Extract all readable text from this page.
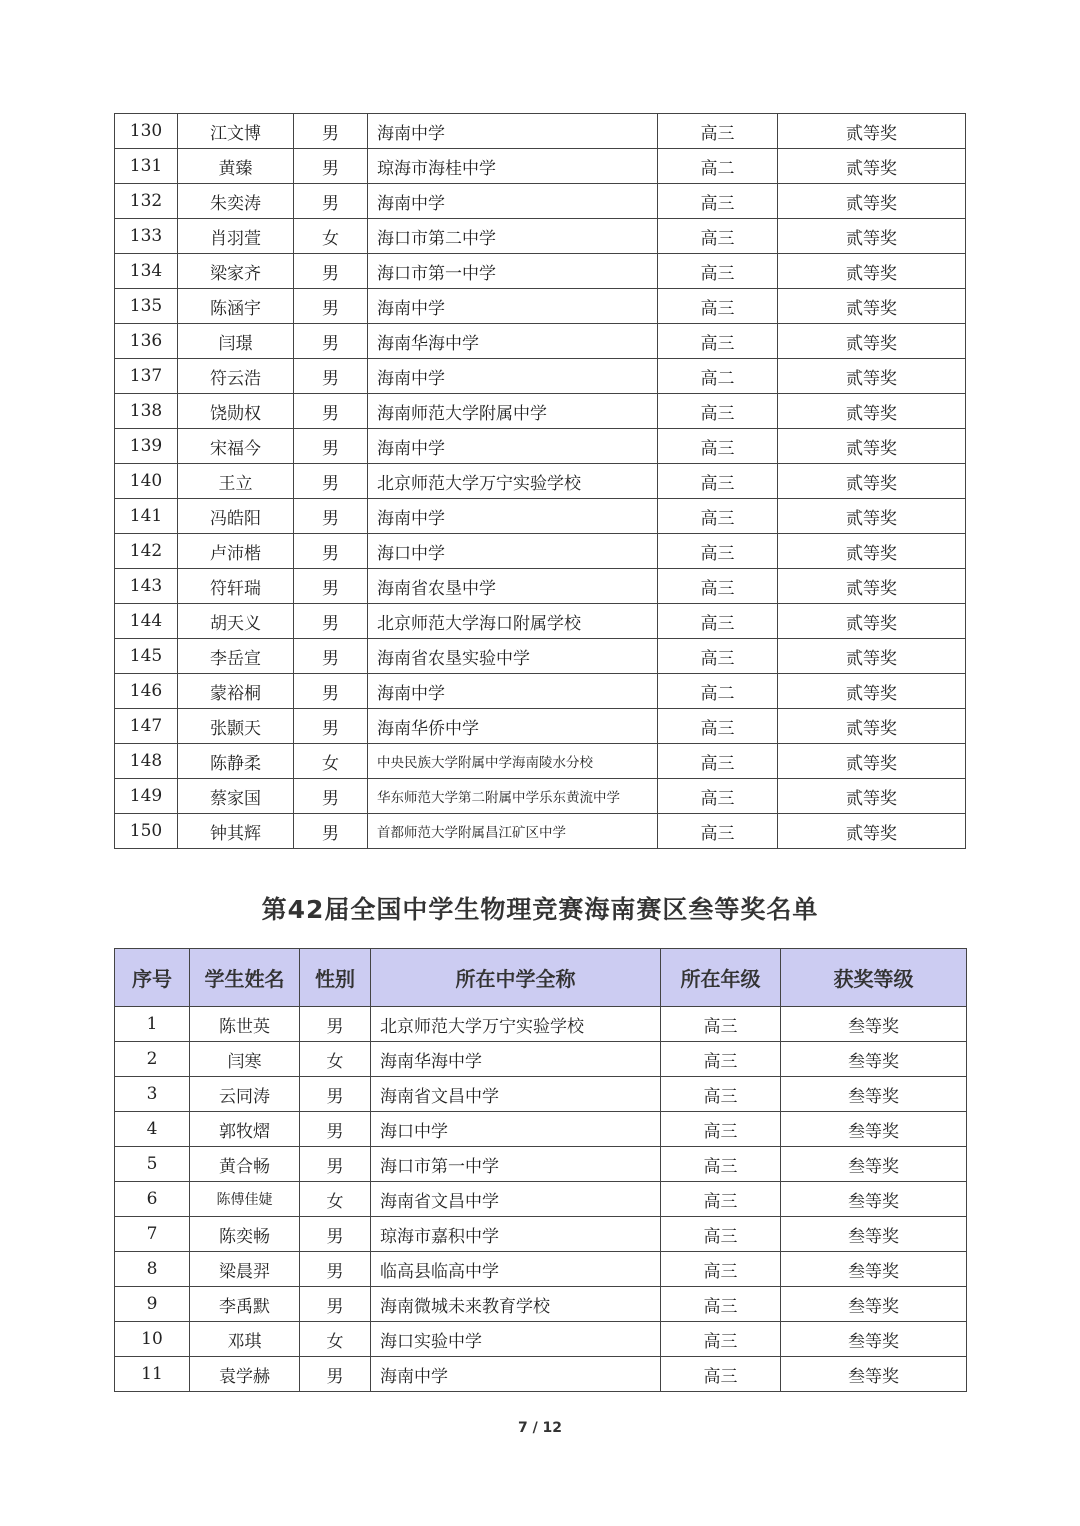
130	江文博	男	海南中学	高三	贰等奖
131	黄臻	男	琼海市海桂中学	高二	贰等奖
132	朱奕涛	男	海南中学	高三	贰等奖
133	肖羽萱	女	海口市第二中学	高三	贰等奖
134	梁家齐	男	海口市第一中学	高三	贰等奖
135	陈涵宇	男	海南中学	高三	贰等奖
136	闫璟	男	海南华海中学	高三	贰等奖
137	符云浩	男	海南中学	高二	贰等奖
138	饶勋权	男	海南师范大学附属中学	高三	贰等奖
139	宋福今	男	海南中学	高三	贰等奖
140	王立	男	北京师范大学万宁实验学校	高三	贰等奖
141	冯皓阳	男	海南中学	高三	贰等奖
142	卢沛楷	男	海口中学	高三	贰等奖
143	符轩瑞	男	海南省农垦中学	高三	贰等奖
144	胡天义	男	北京师范大学海口附属学校	高三	贰等奖
145	李岳宣	男	海南省农垦实验中学	高三	贰等奖
146	蒙裕桐	男	海南中学	高二	贰等奖
147	张颢天	男	海南华侨中学	高三	贰等奖
148	陈静柔	女	中央民族大学附属中学海南陵水分校	高三	贰等奖
149	蔡家国	男	华东师范大学第二附属中学乐东黄流中学	高三	贰等奖
150	钟其辉	男	首都师范大学附属昌江矿区中学	高三	贰等奖
第42届全国中学生物理竞赛海南赛区叁等奖名单
序号	学生姓名	性别	所在中学全称	所在年级	获奖等级
1	陈世英	男	北京师范大学万宁实验学校	高三	叁等奖
2	闫寒	女	海南华海中学	高三	叁等奖
3	云同涛	男	海南省文昌中学	高三	叁等奖
4	郭牧熠	男	海口中学	高三	叁等奖
5	黄合畅	男	海口市第一中学	高三	叁等奖
6	陈傅佳婕	女	海南省文昌中学	高三	叁等奖
7	陈奕畅	男	琼海市嘉积中学	高三	叁等奖
8	梁晨羿	男	临高县临高中学	高三	叁等奖
9	李禹默	男	海南微城未来教育学校	高三	叁等奖
10	邓琪	女	海口实验中学	高三	叁等奖
11	袁学赫	男	海南中学	高三	叁等奖
7 / 12
